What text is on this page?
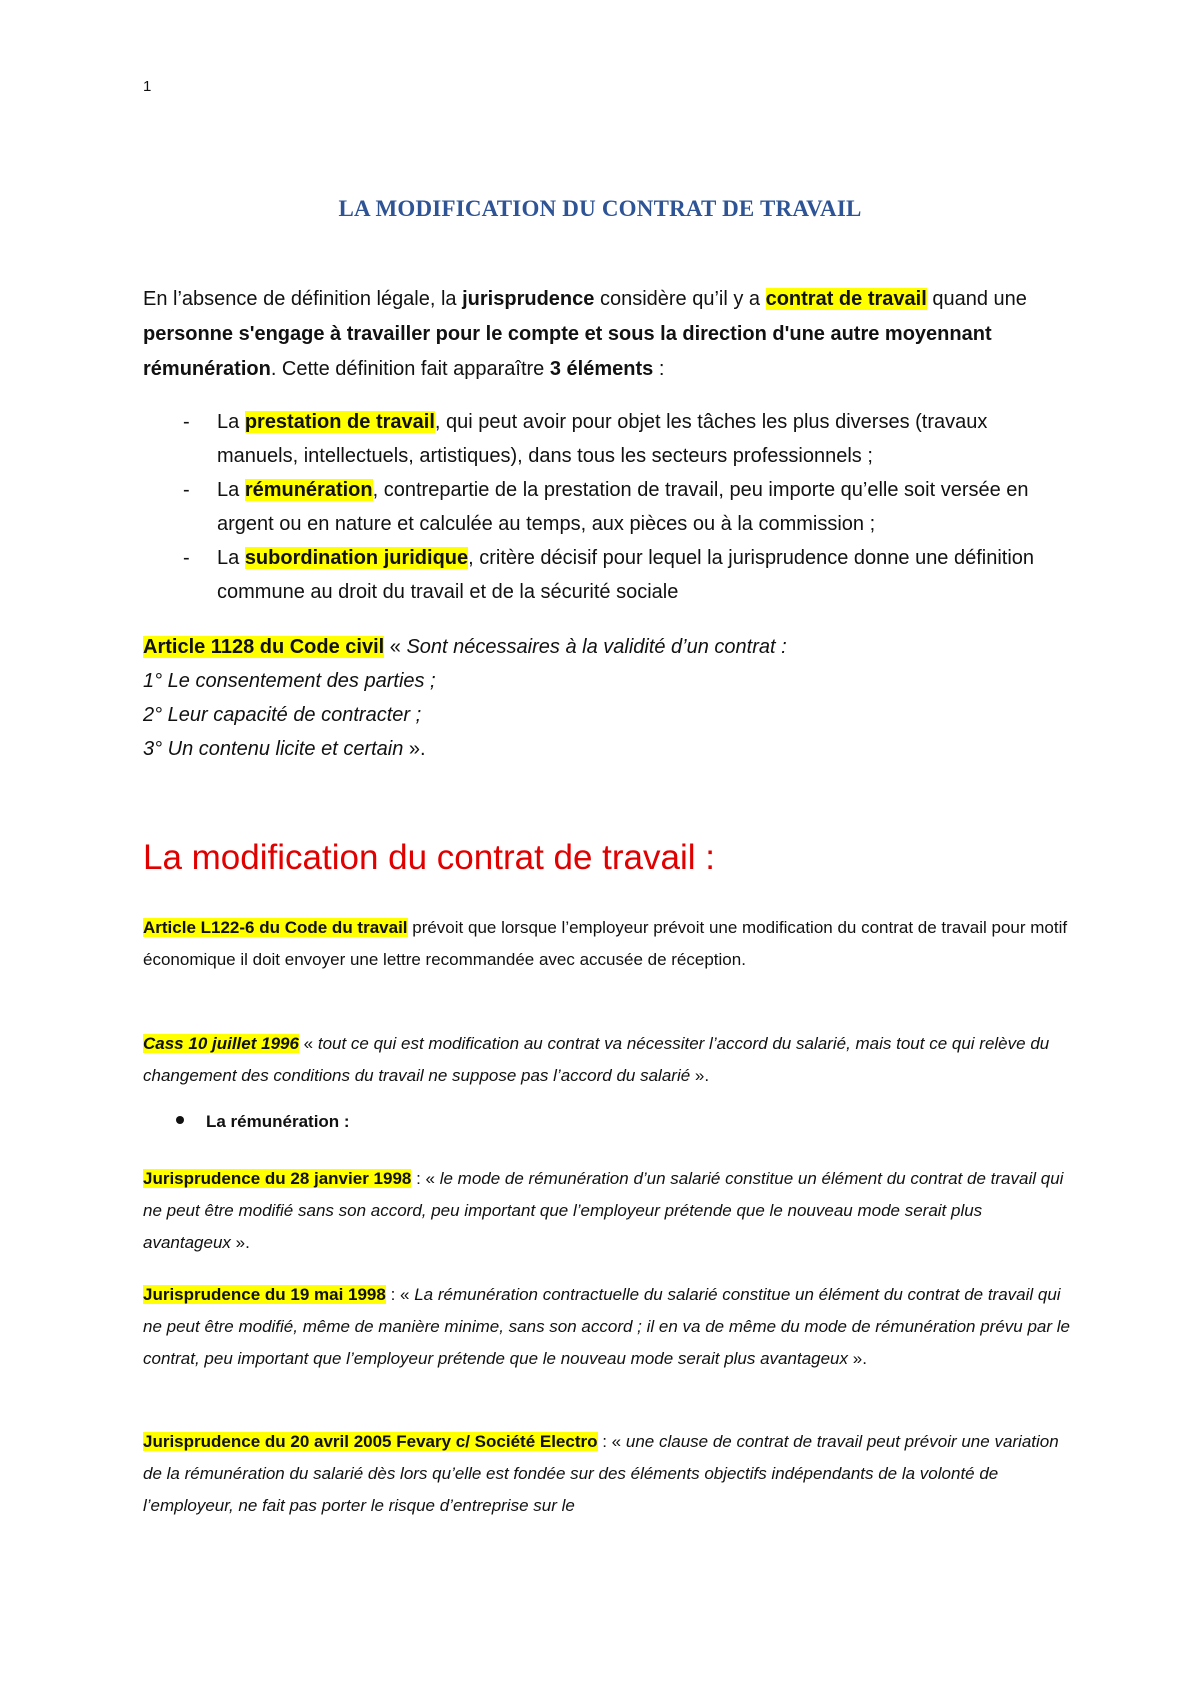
1
LA MODIFICATION DU CONTRAT DE TRAVAIL
En l’absence de définition légale, la jurisprudence considère qu’il y a contrat de travail quand une personne s'engage à travailler pour le compte et sous la direction d'une autre moyennant rémunération. Cette définition fait apparaître 3 éléments :
- La prestation de travail, qui peut avoir pour objet les tâches les plus diverses (travaux manuels, intellectuels, artistiques), dans tous les secteurs professionnels ;
- La rémunération, contrepartie de la prestation de travail, peu importe qu’elle soit versée en argent ou en nature et calculée au temps, aux pièces ou à la commission ;
- La subordination juridique, critère décisif pour lequel la jurisprudence donne une définition commune au droit du travail et de la sécurité sociale
Article 1128 du Code civil « Sont nécessaires à la validité d’un contrat :
1° Le consentement des parties ;
2° Leur capacité de contracter ;
3° Un contenu licite et certain ».
La modification du contrat de travail :
Article L122-6 du Code du travail prévoit que lorsque l’employeur prévoit une modification du contrat de travail pour motif économique il doit envoyer une lettre recommandée avec accusée de réception.
Cass 10 juillet 1996 « tout ce qui est modification au contrat va nécessiter l’accord du salarié, mais tout ce qui relève du changement des conditions du travail ne suppose pas l’accord du salarié ».
La rémunération :
Jurisprudence du 28 janvier 1998 : « le mode de rémunération d’un salarié constitue un élément du contrat de travail qui ne peut être modifié sans son accord, peu important que l’employeur prétende que le nouveau mode serait plus avantageux ».
Jurisprudence du 19 mai 1998 : « La rémunération contractuelle du salarié constitue un élément du contrat de travail qui ne peut être modifié, même de manière minime, sans son accord ; il en va de même du mode de rémunération prévu par le contrat, peu important que l’employeur prétende que le nouveau mode serait plus avantageux ».
Jurisprudence du 20 avril 2005 Fevary c/ Société Electro : « une clause de contrat de travail peut prévoir une variation de la rémunération du salarié dès lors qu’elle est fondée sur des éléments objectifs indépendants de la volonté de l’employeur, ne fait pas porter le risque d’entreprise sur le
